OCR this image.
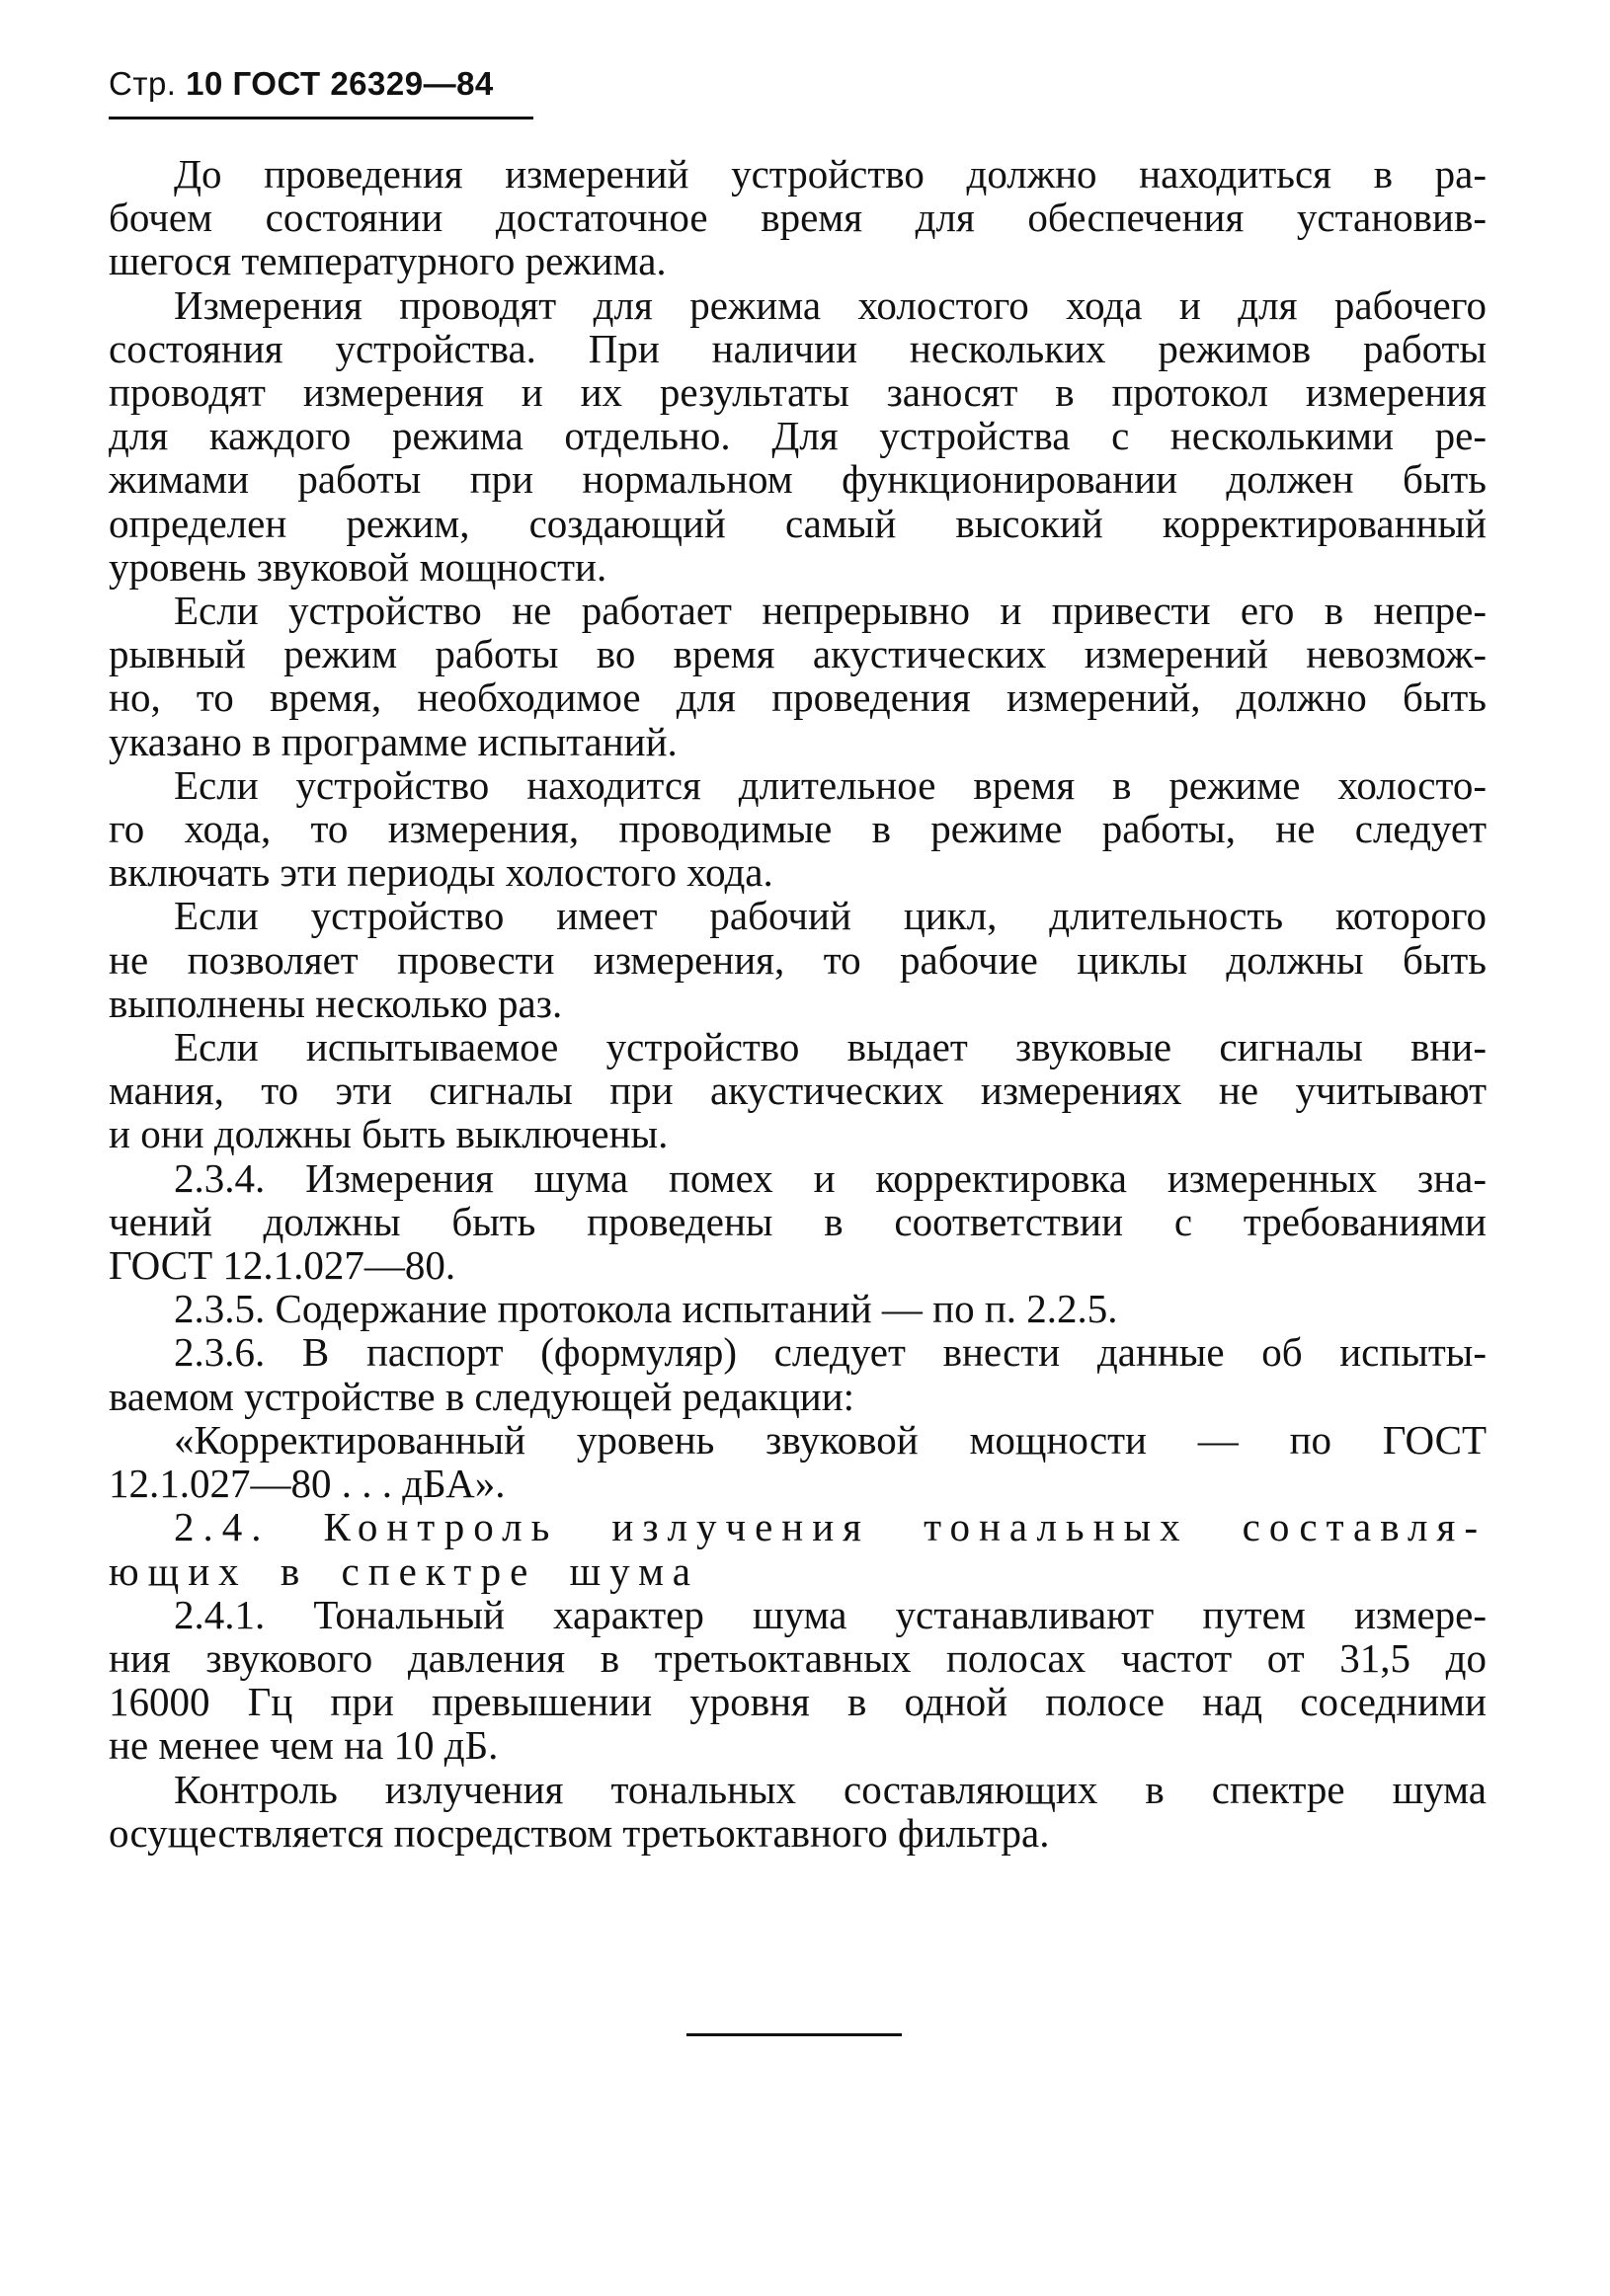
Стр. 10 ГОСТ 26329—84
До проведения измерений устройство должно находиться в ра-
бочем состоянии достаточное время для обеспечения установив-
шегося температурного режима.
Измерения проводят для режима холостого хода и для рабочего
состояния устройства. При наличии нескольких режимов работы
проводят измерения и их результаты заносят в протокол измерения
для каждого режима отдельно. Для устройства с несколькими ре-
жимами работы при нормальном функционировании должен быть
определен режим, создающий самый высокий корректированный
уровень звуковой мощности.
Если устройство не работает непрерывно и привести его в непре-
рывный режим работы во время акустических измерений невозмож-
но, то время, необходимое для проведения измерений, должно быть
указано в программе испытаний.
Если устройство находится длительное время в режиме холосто-
го хода, то измерения, проводимые в режиме работы, не следует
включать эти периоды холостого хода.
Если устройство имеет рабочий цикл, длительность которого
не позволяет провести измерения, то рабочие циклы должны быть
выполнены несколько раз.
Если испытываемое устройство выдает звуковые сигналы вни-
мания, то эти сигналы при акустических измерениях не учитывают
и они должны быть выключены.
2.3.4. Измерения шума помех и корректировка измеренных зна-
чений должны быть проведены в соответствии с требованиями
ГОСТ 12.1.027—80.
2.3.5. Содержание протокола испытаний — по п. 2.2.5.
2.3.6. В паспорт (формуляр) следует внести данные об испыты-
ваемом устройстве в следующей редакции:
«Корректированный уровень звуковой мощности — по ГОСТ
12.1.027—80 . . . дБА».
2.4. Контроль излучения тональных составля-
ющих в спектре шума
2.4.1. Тональный характер шума устанавливают путем измере-
ния звукового давления в третьоктавных полосах частот от 31,5 до
16000 Гц при превышении уровня в одной полосе над соседними
не менее чем на 10 дБ.
Контроль излучения тональных составляющих в спектре шума
осуществляется посредством третьоктавного фильтра.
